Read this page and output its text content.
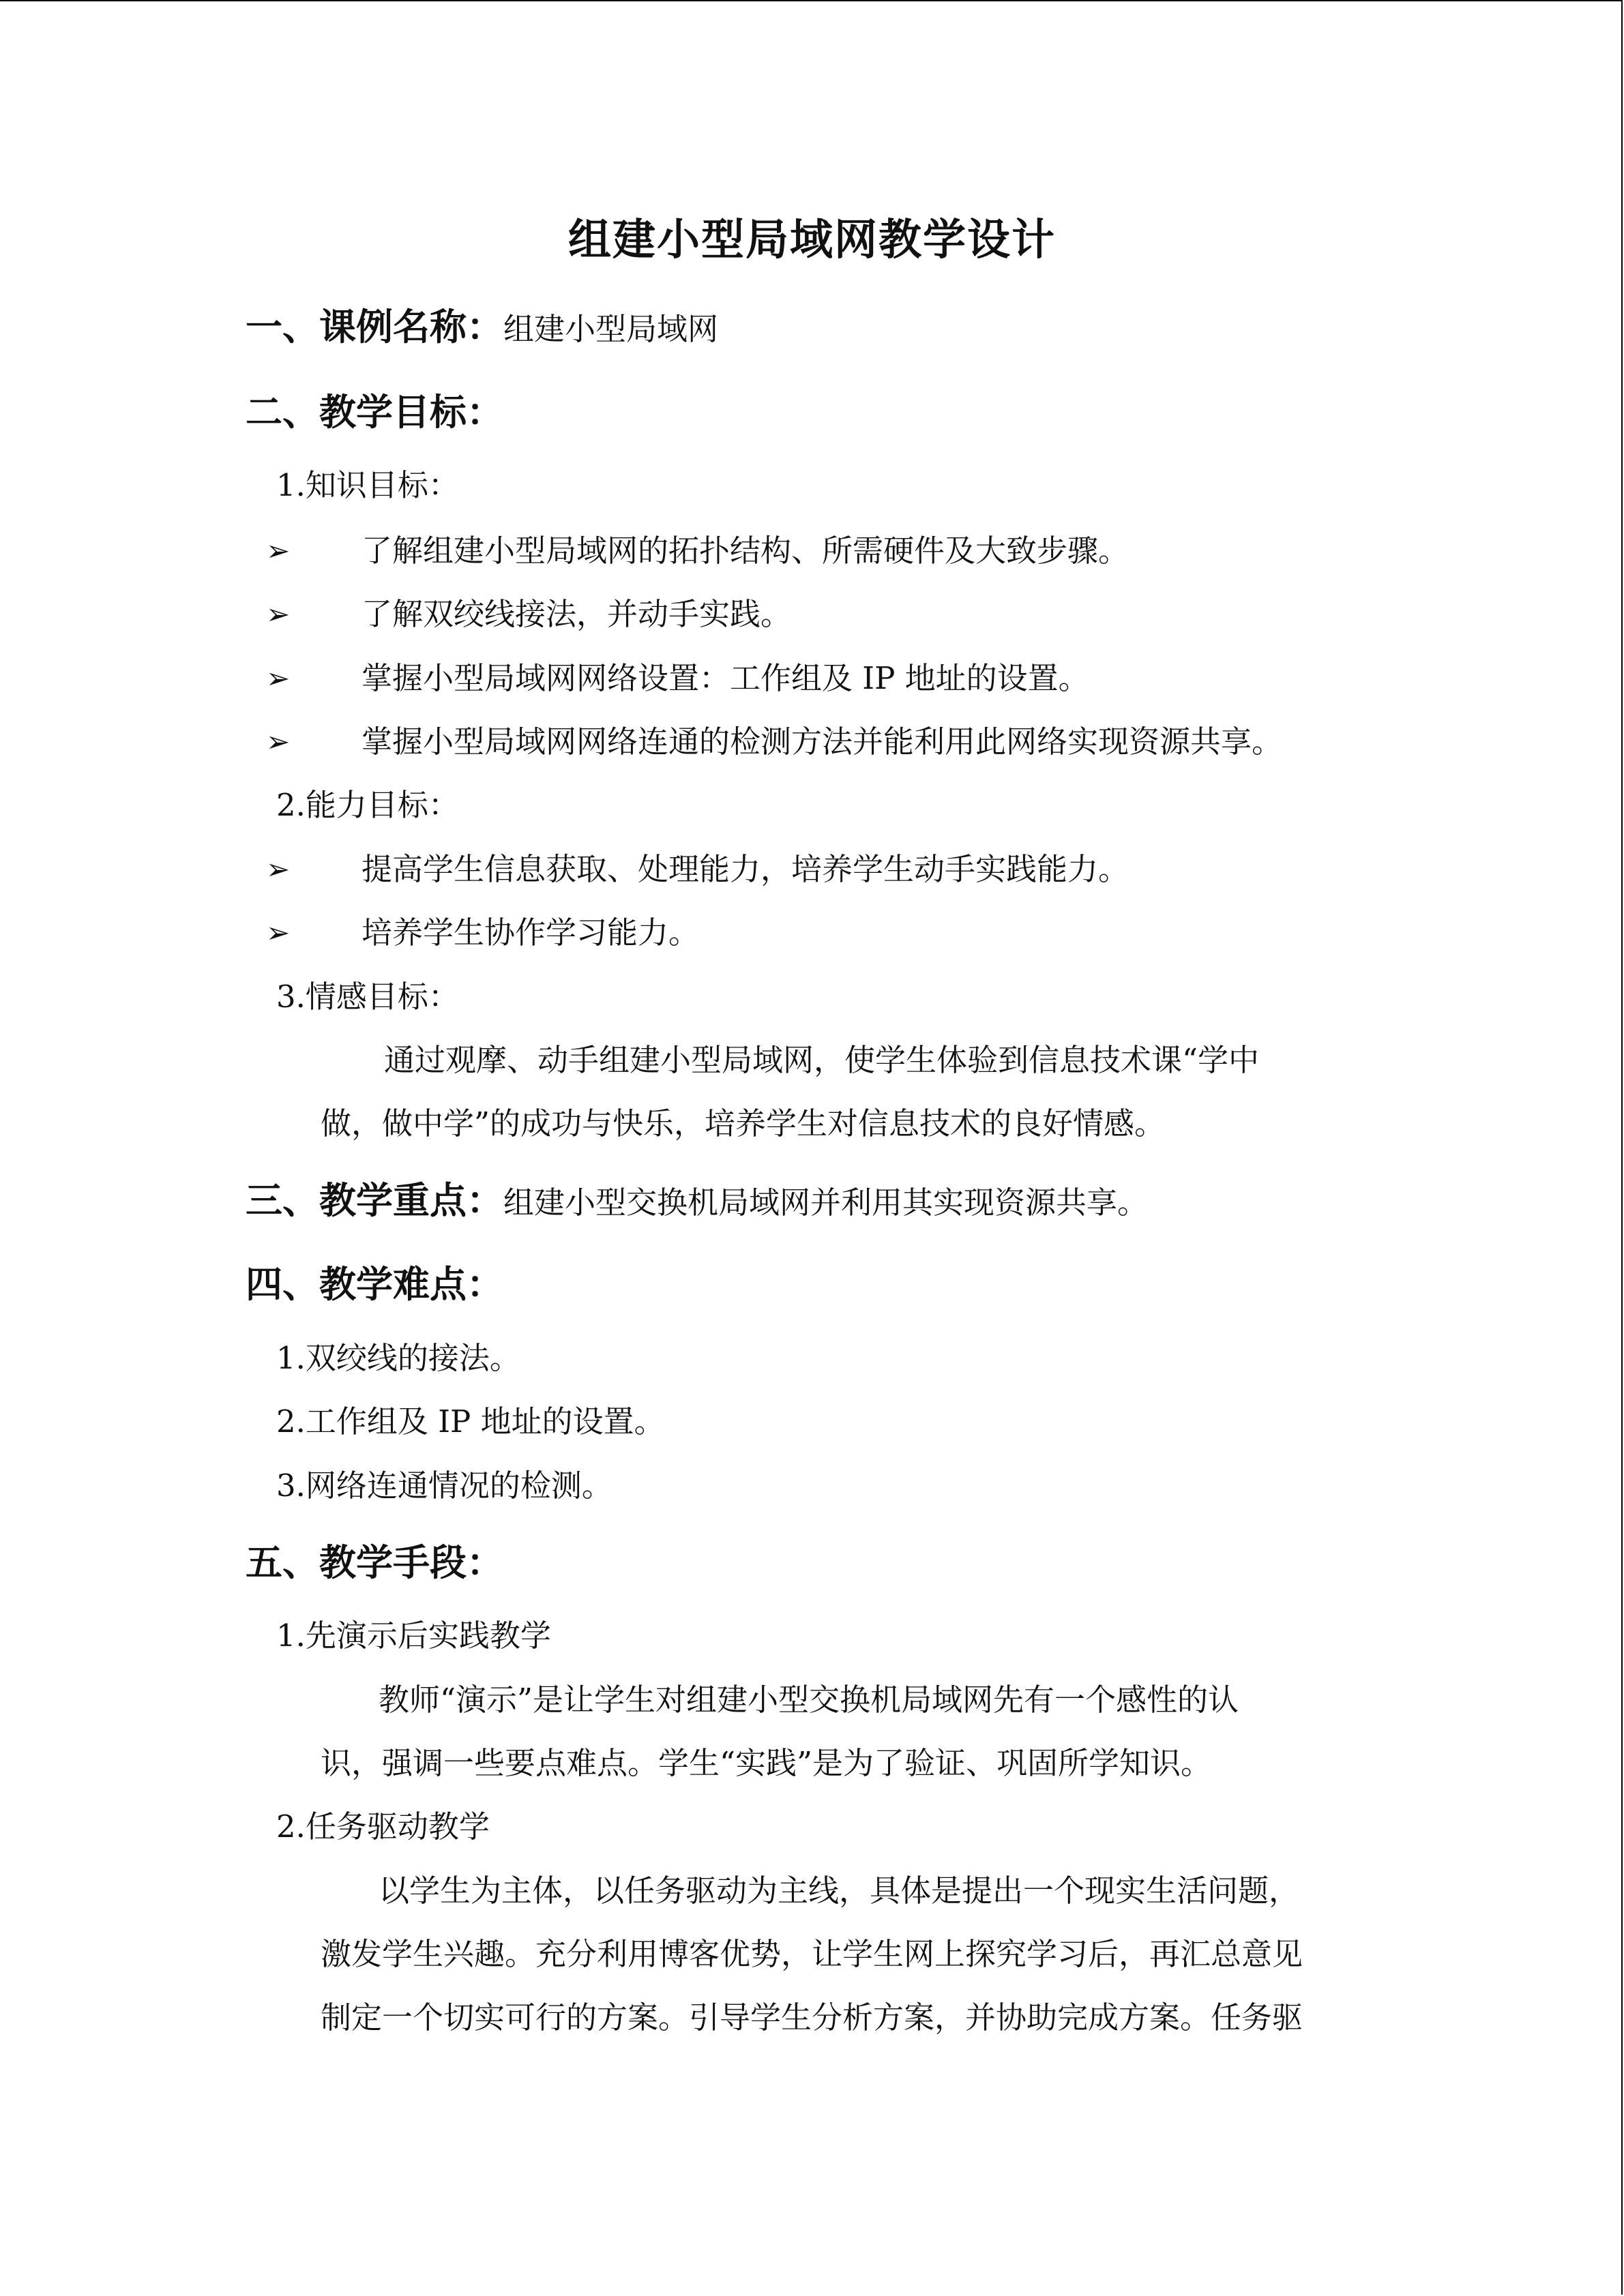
组建小型局域网教学设计
一、课例名称：组建小型局域网
二、教学目标：
1.知识目标：
➢ 了解组建小型局域网的拓扑结构、所需硬件及大致步骤。
➢ 了解双绞线接法，并动手实践。
➢ 掌握小型局域网网络设置：工作组及 IP 地址的设置。
➢ 掌握小型局域网网络连通的检测方法并能利用此网络实现资源共享。
2.能力目标：
➢ 提高学生信息获取、处理能力，培养学生动手实践能力。
➢ 培养学生协作学习能力。
3.情感目标：
通过观摩、动手组建小型局域网，使学生体验到信息技术课“学中
做，做中学”的成功与快乐，培养学生对信息技术的良好情感。
三、教学重点：组建小型交换机局域网并利用其实现资源共享。
四、教学难点：
1.双绞线的接法。
2.工作组及 IP 地址的设置。
3.网络连通情况的检测。
五、教学手段：
1.先演示后实践教学
教师“演示”是让学生对组建小型交换机局域网先有一个感性的认
识，强调一些要点难点。学生“实践”是为了验证、巩固所学知识。
2.任务驱动教学
以学生为主体，以任务驱动为主线，具体是提出一个现实生活问题，
激发学生兴趣。充分利用博客优势，让学生网上探究学习后，再汇总意见
制定一个切实可行的方案。引导学生分析方案，并协助完成方案。任务驱
